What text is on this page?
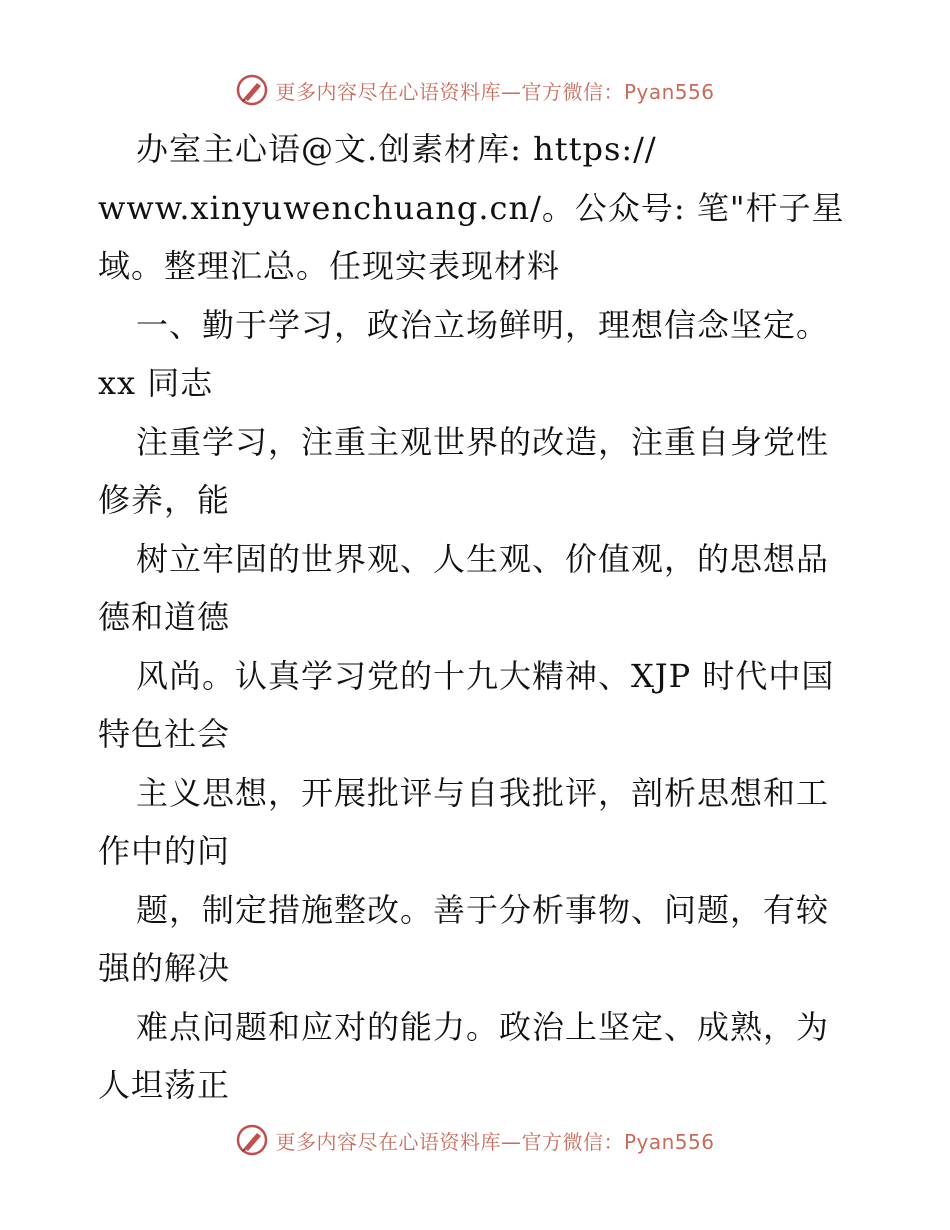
更多内容尽在心语资料库—官方微信：Pyan556
办室主心语@文.创素材库: https://
www.xinyuwenchuang.cn/。公众号: 笔"杆子星
域。整理汇总。任现实表现材料
一、勤于学习，政治立场鲜明，理想信念坚定。
xx 同志
注重学习，注重主观世界的改造，注重自身党性
修养，能
树立牢固的世界观、人生观、价值观，的思想品
德和道德
风尚。认真学习党的十九大精神、XJP 时代中国
特色社会
主义思想，开展批评与自我批评，剖析思想和工
作中的问
题，制定措施整改。善于分析事物、问题，有较
强的解决
难点问题和应对的能力。政治上坚定、成熟，为
人坦荡正
更多内容尽在心语资料库—官方微信：Pyan556
